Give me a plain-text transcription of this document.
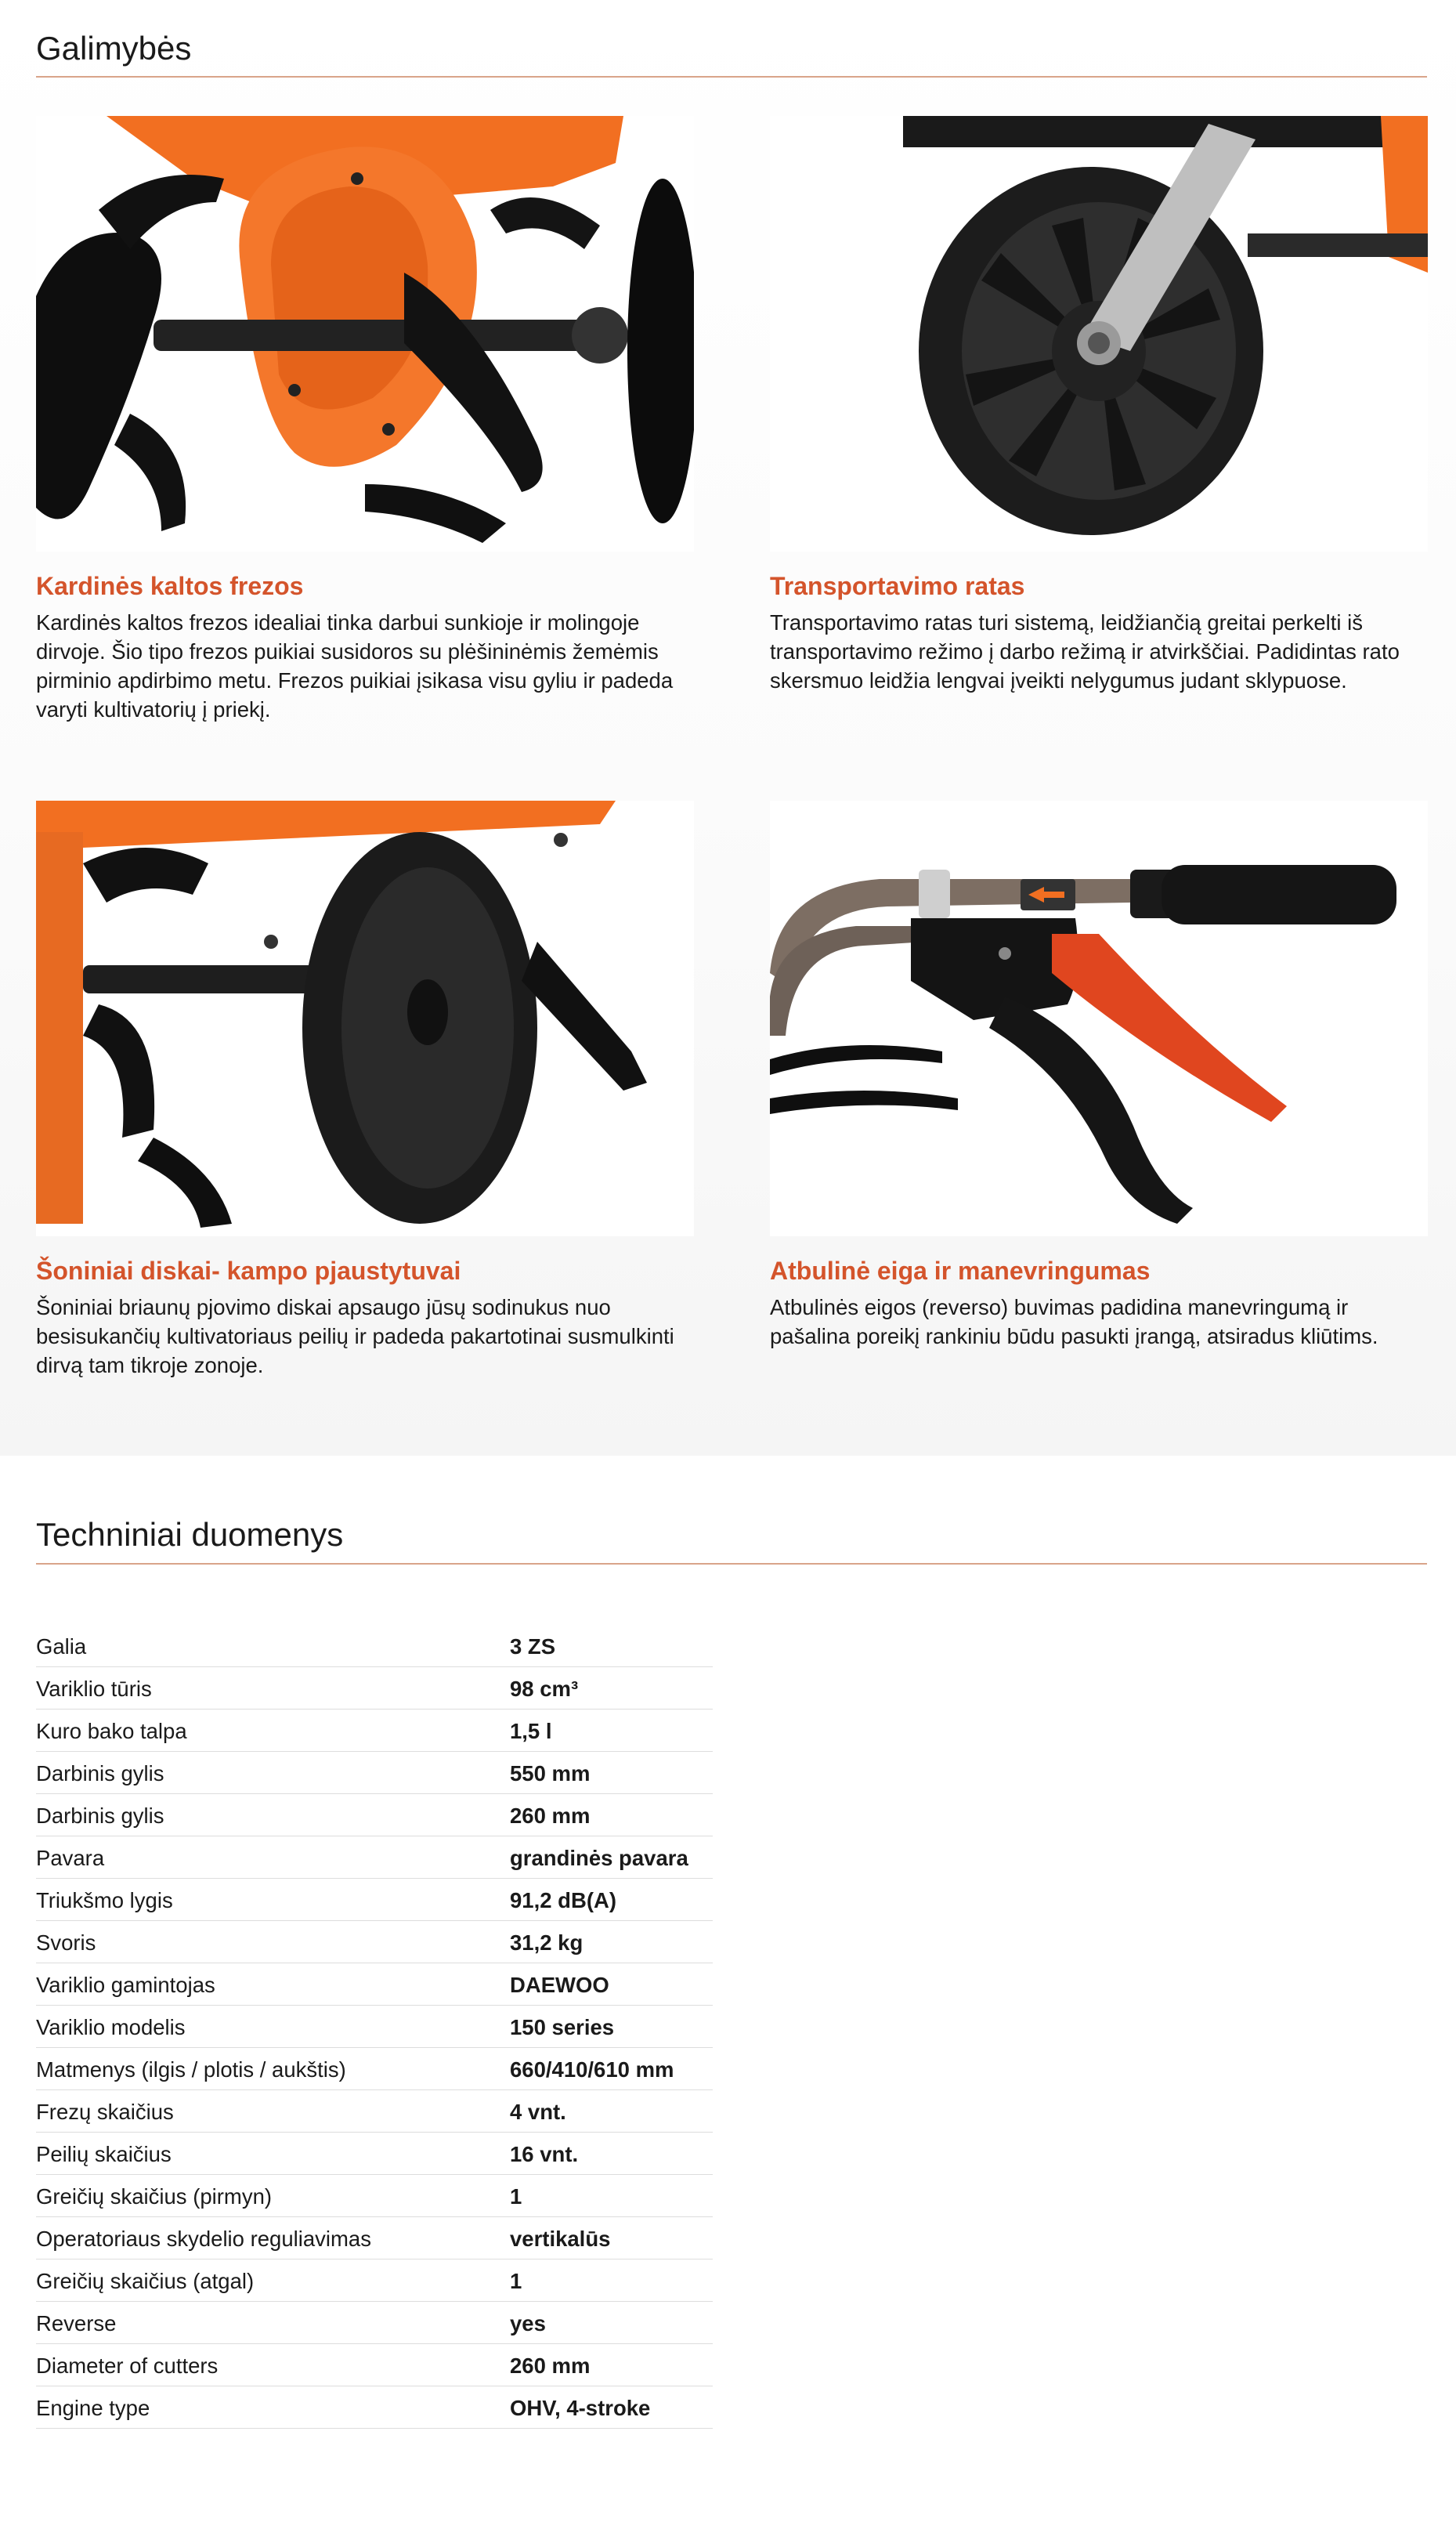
Galimybės
Kardinės kaltos frezos
Kardinės kaltos frezos idealiai tinka darbui sunkioje ir molingoje dirvoje. Šio tipo frezos puikiai susidoros su plėšininėmis žemėmis pirminio apdirbimo metu. Frezos puikiai įsikasa visu gyliu ir padeda varyti kultivatorių į priekį.
Transportavimo ratas
Transportavimo ratas turi sistemą, leidžiančią greitai perkelti iš transportavimo režimo į darbo režimą ir atvirkščiai. Padidintas rato skersmuo leidžia lengvai įveikti nelygumus judant sklypuose.
Šoniniai diskai- kampo pjaustytuvai
Šoniniai briaunų pjovimo diskai apsaugo jūsų sodinukus nuo besisukančių kultivatoriaus peilių ir padeda pakartotinai susmulkinti dirvą tam tikroje zonoje.
Atbulinė eiga ir manevringumas
Atbulinės eigos (reverso) buvimas padidina manevringumą ir pašalina poreikį rankiniu būdu pasukti įrangą, atsiradus kliūtims.
Techniniai duomenys
Galia	3 ZS
Variklio tūris	98 cm³
Kuro bako talpa	1,5 l
Darbinis gylis	550 mm
Darbinis gylis	260 mm
Pavara	grandinės pavara
Triukšmo lygis	91,2 dB(A)
Svoris	31,2 kg
Variklio gamintojas	DAEWOO
Variklio modelis	150 series
Matmenys (ilgis / plotis / aukštis)	660/410/610 mm
Frezų skaičius	4 vnt.
Peilių skaičius	16 vnt.
Greičių skaičius (pirmyn)	1
Operatoriaus skydelio reguliavimas	vertikalūs
Greičių skaičius (atgal)	1
Reverse	yes
Diameter of cutters	260 mm
Engine type	OHV, 4-stroke
